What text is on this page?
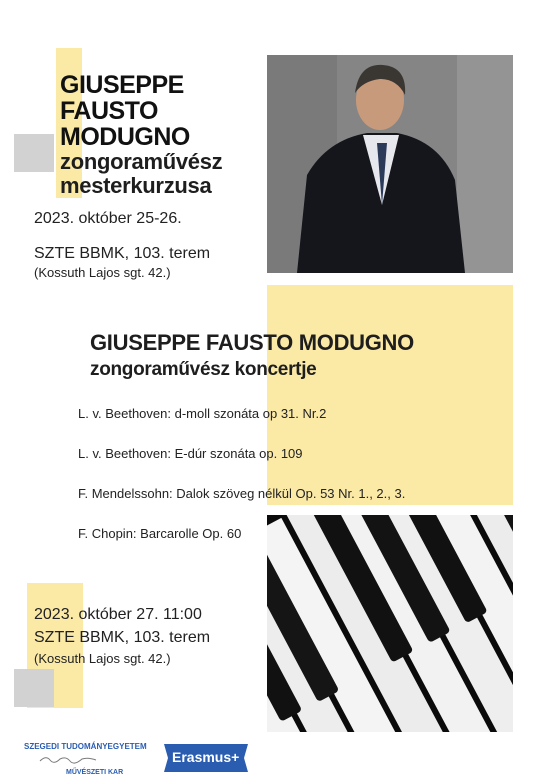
GIUSEPPE
FAUSTO
MODUGNO
zongoraművész
mesterkurzusa
2023. október 25-26.
SZTE BBMK, 103. terem
(Kossuth Lajos sgt. 42.)
GIUSEPPE FAUSTO MODUGNO
zongoraművész koncertje
L. v. Beethoven: d-moll szonáta op 31. Nr.2
L. v. Beethoven: E-dúr szonáta op. 109
F. Mendelssohn: Dalok szöveg nélkül Op. 53 Nr. 1., 2., 3.
F. Chopin: Barcarolle Op. 60
2023. október 27. 11:00
SZTE BBMK, 103. terem
(Kossuth Lajos sgt. 42.)
SZEGEDI TUDOMÁNYEGYETEM
MŰVÉSZETI KAR
Erasmus+
